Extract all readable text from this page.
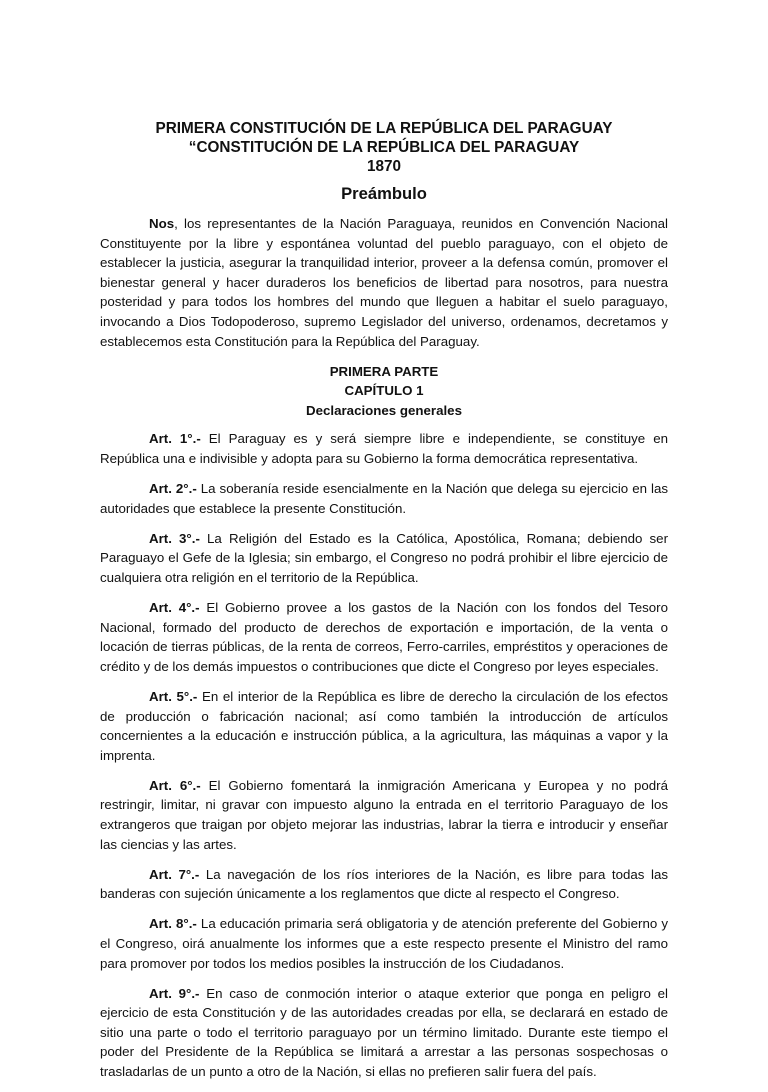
PRIMERA CONSTITUCIÓN DE LA REPÚBLICA DEL PARAGUAY
“CONSTITUCIÓN DE LA REPÚBLICA DEL PARAGUAY
1870
Preámbulo

Nos, los representantes de la Nación Paraguaya, reunidos en Convención Nacional Constituyente por la libre y espontánea voluntad del pueblo paraguayo, con el objeto de establecer la justicia, asegurar la tranquilidad interior, proveer a la defensa común, promover el bienestar general y hacer duraderos los beneficios de libertad para nosotros, para nuestra posteridad y para todos los hombres del mundo que lleguen a habitar el suelo paraguayo, invocando a Dios Todopoderoso, supremo Legislador del universo, ordenamos, decretamos y establecemos esta Constitución para la República del Paraguay.

PRIMERA PARTE
CAPÍTULO 1
Declaraciones generales

Art. 1°.- El Paraguay es y será siempre libre e independiente, se constituye en República una e indivisible y adopta para su Gobierno la forma democrática representativa.

Art. 2°.- La soberanía reside esencialmente en la Nación que delega su ejercicio en las autoridades que establece la presente Constitución.

Art. 3°.- La Religión del Estado es la Católica, Apostólica, Romana; debiendo ser Paraguayo el Gefe de la Iglesia; sin embargo, el Congreso no podrá prohibir el libre ejercicio de cualquiera otra religión en el territorio de la República.

Art. 4°.- El Gobierno provee a los gastos de la Nación con los fondos del Tesoro Nacional, formado del producto de derechos de exportación e importación, de la venta o locación de tierras públicas, de la renta de correos, Ferro-carriles, empréstitos y operaciones de crédito y de los demás impuestos o contribuciones que dicte el Congreso por leyes especiales.

Art. 5°.- En el interior de la República es libre de derecho la circulación de los efectos de producción o fabricación nacional; así como también la introducción de artículos concernientes a la educación e instrucción pública, a la agricultura, las máquinas a vapor y la imprenta.

Art. 6°.- El Gobierno fomentará la inmigración Americana y Europea y no podrá restringir, limitar, ni gravar con impuesto alguno la entrada en el territorio Paraguayo de los extrangeros que traigan por objeto mejorar las industrias, labrar la tierra e introducir y enseñar las ciencias y las artes.

Art. 7°.- La navegación de los ríos interiores de la Nación, es libre para todas las banderas con sujeción únicamente a los reglamentos que dicte al respecto el Congreso.

Art. 8°.- La educación primaria será obligatoria y de atención preferente del Gobierno y el Congreso, oirá anualmente los informes que a este respecto presente el Ministro del ramo para promover por todos los medios posibles la instrucción de los Ciudadanos.

Art. 9°.- En caso de conmoción interior o ataque exterior que ponga en peligro el ejercicio de esta Constitución y de las autoridades creadas por ella, se declarará en estado de sitio una parte o todo el territorio paraguayo por un término limitado. Durante este tiempo el poder del Presidente de la República se limitará a arrestar a las personas sospechosas o trasladarlas de un punto a otro de la Nación, si ellas no prefieren salir fuera del país.
